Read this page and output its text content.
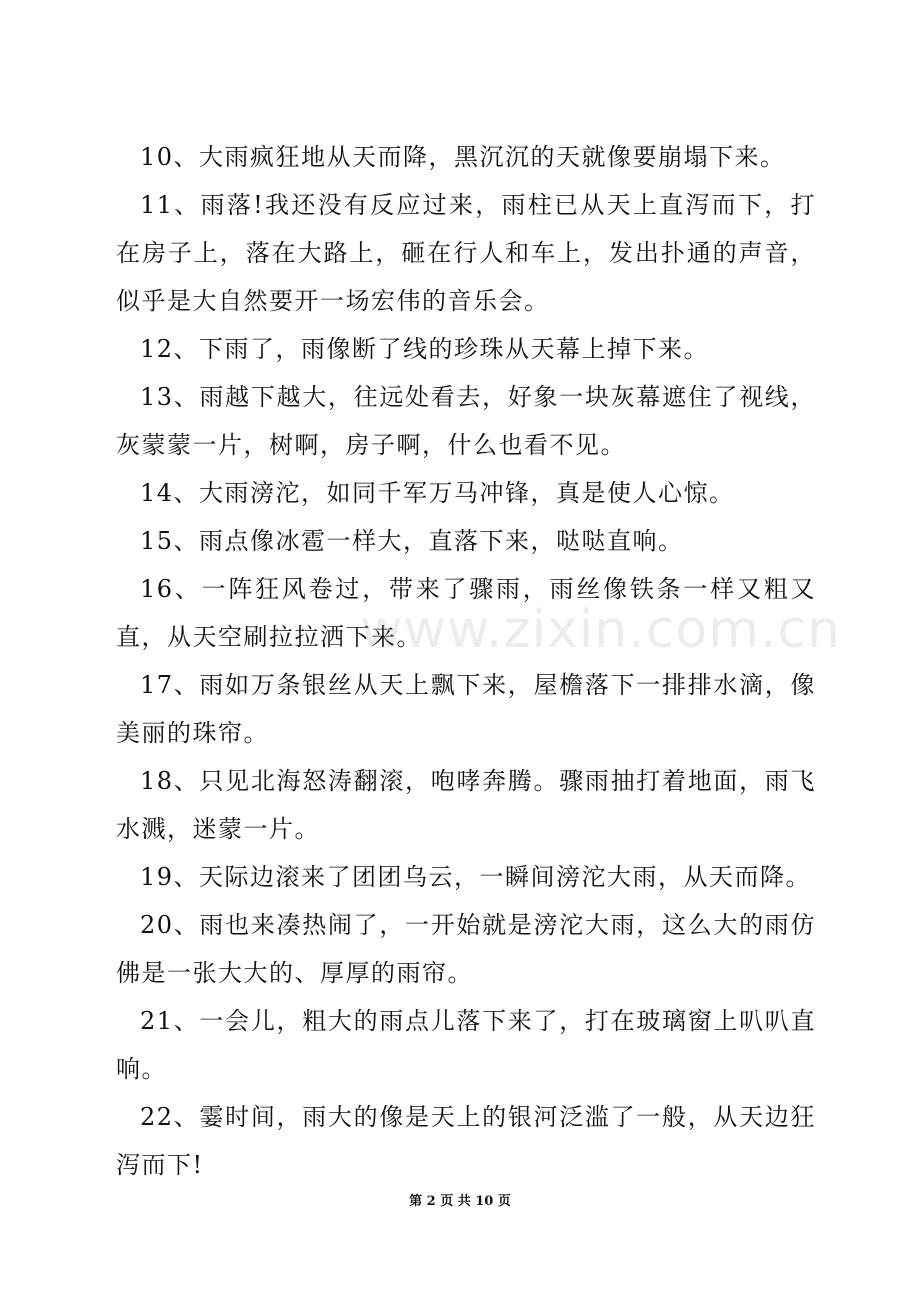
10、大雨疯狂地从天而降，黑沉沉的天就像要崩塌下来。

11、雨落!我还没有反应过来，雨柱已从天上直泻而下，打在房子上，落在大路上，砸在行人和车上，发出扑通的声音，似乎是大自然要开一场宏伟的音乐会。

12、下雨了，雨像断了线的珍珠从天幕上掉下来。

13、雨越下越大，往远处看去，好象一块灰幕遮住了视线，灰蒙蒙一片，树啊，房子啊，什么也看不见。

14、大雨滂沱，如同千军万马冲锋，真是使人心惊。

15、雨点像冰雹一样大，直落下来，哒哒直响。

16、一阵狂风卷过，带来了骤雨，雨丝像铁条一样又粗又直，从天空刷拉拉洒下来。

17、雨如万条银丝从天上飘下来，屋檐落下一排排水滴，像美丽的珠帘。

18、只见北海怒涛翻滚，咆哮奔腾。骤雨抽打着地面，雨飞水溅，迷蒙一片。

19、天际边滚来了团团乌云，一瞬间滂沱大雨，从天而降。

20、雨也来凑热闹了，一开始就是滂沱大雨，这么大的雨仿佛是一张大大的、厚厚的雨帘。

21、一会儿，粗大的雨点儿落下来了，打在玻璃窗上叭叭直响。

22、霎时间，雨大的像是天上的银河泛滥了一般，从天边狂泻而下!

www.zixin.com.cn
第 2 页 共 10 页
